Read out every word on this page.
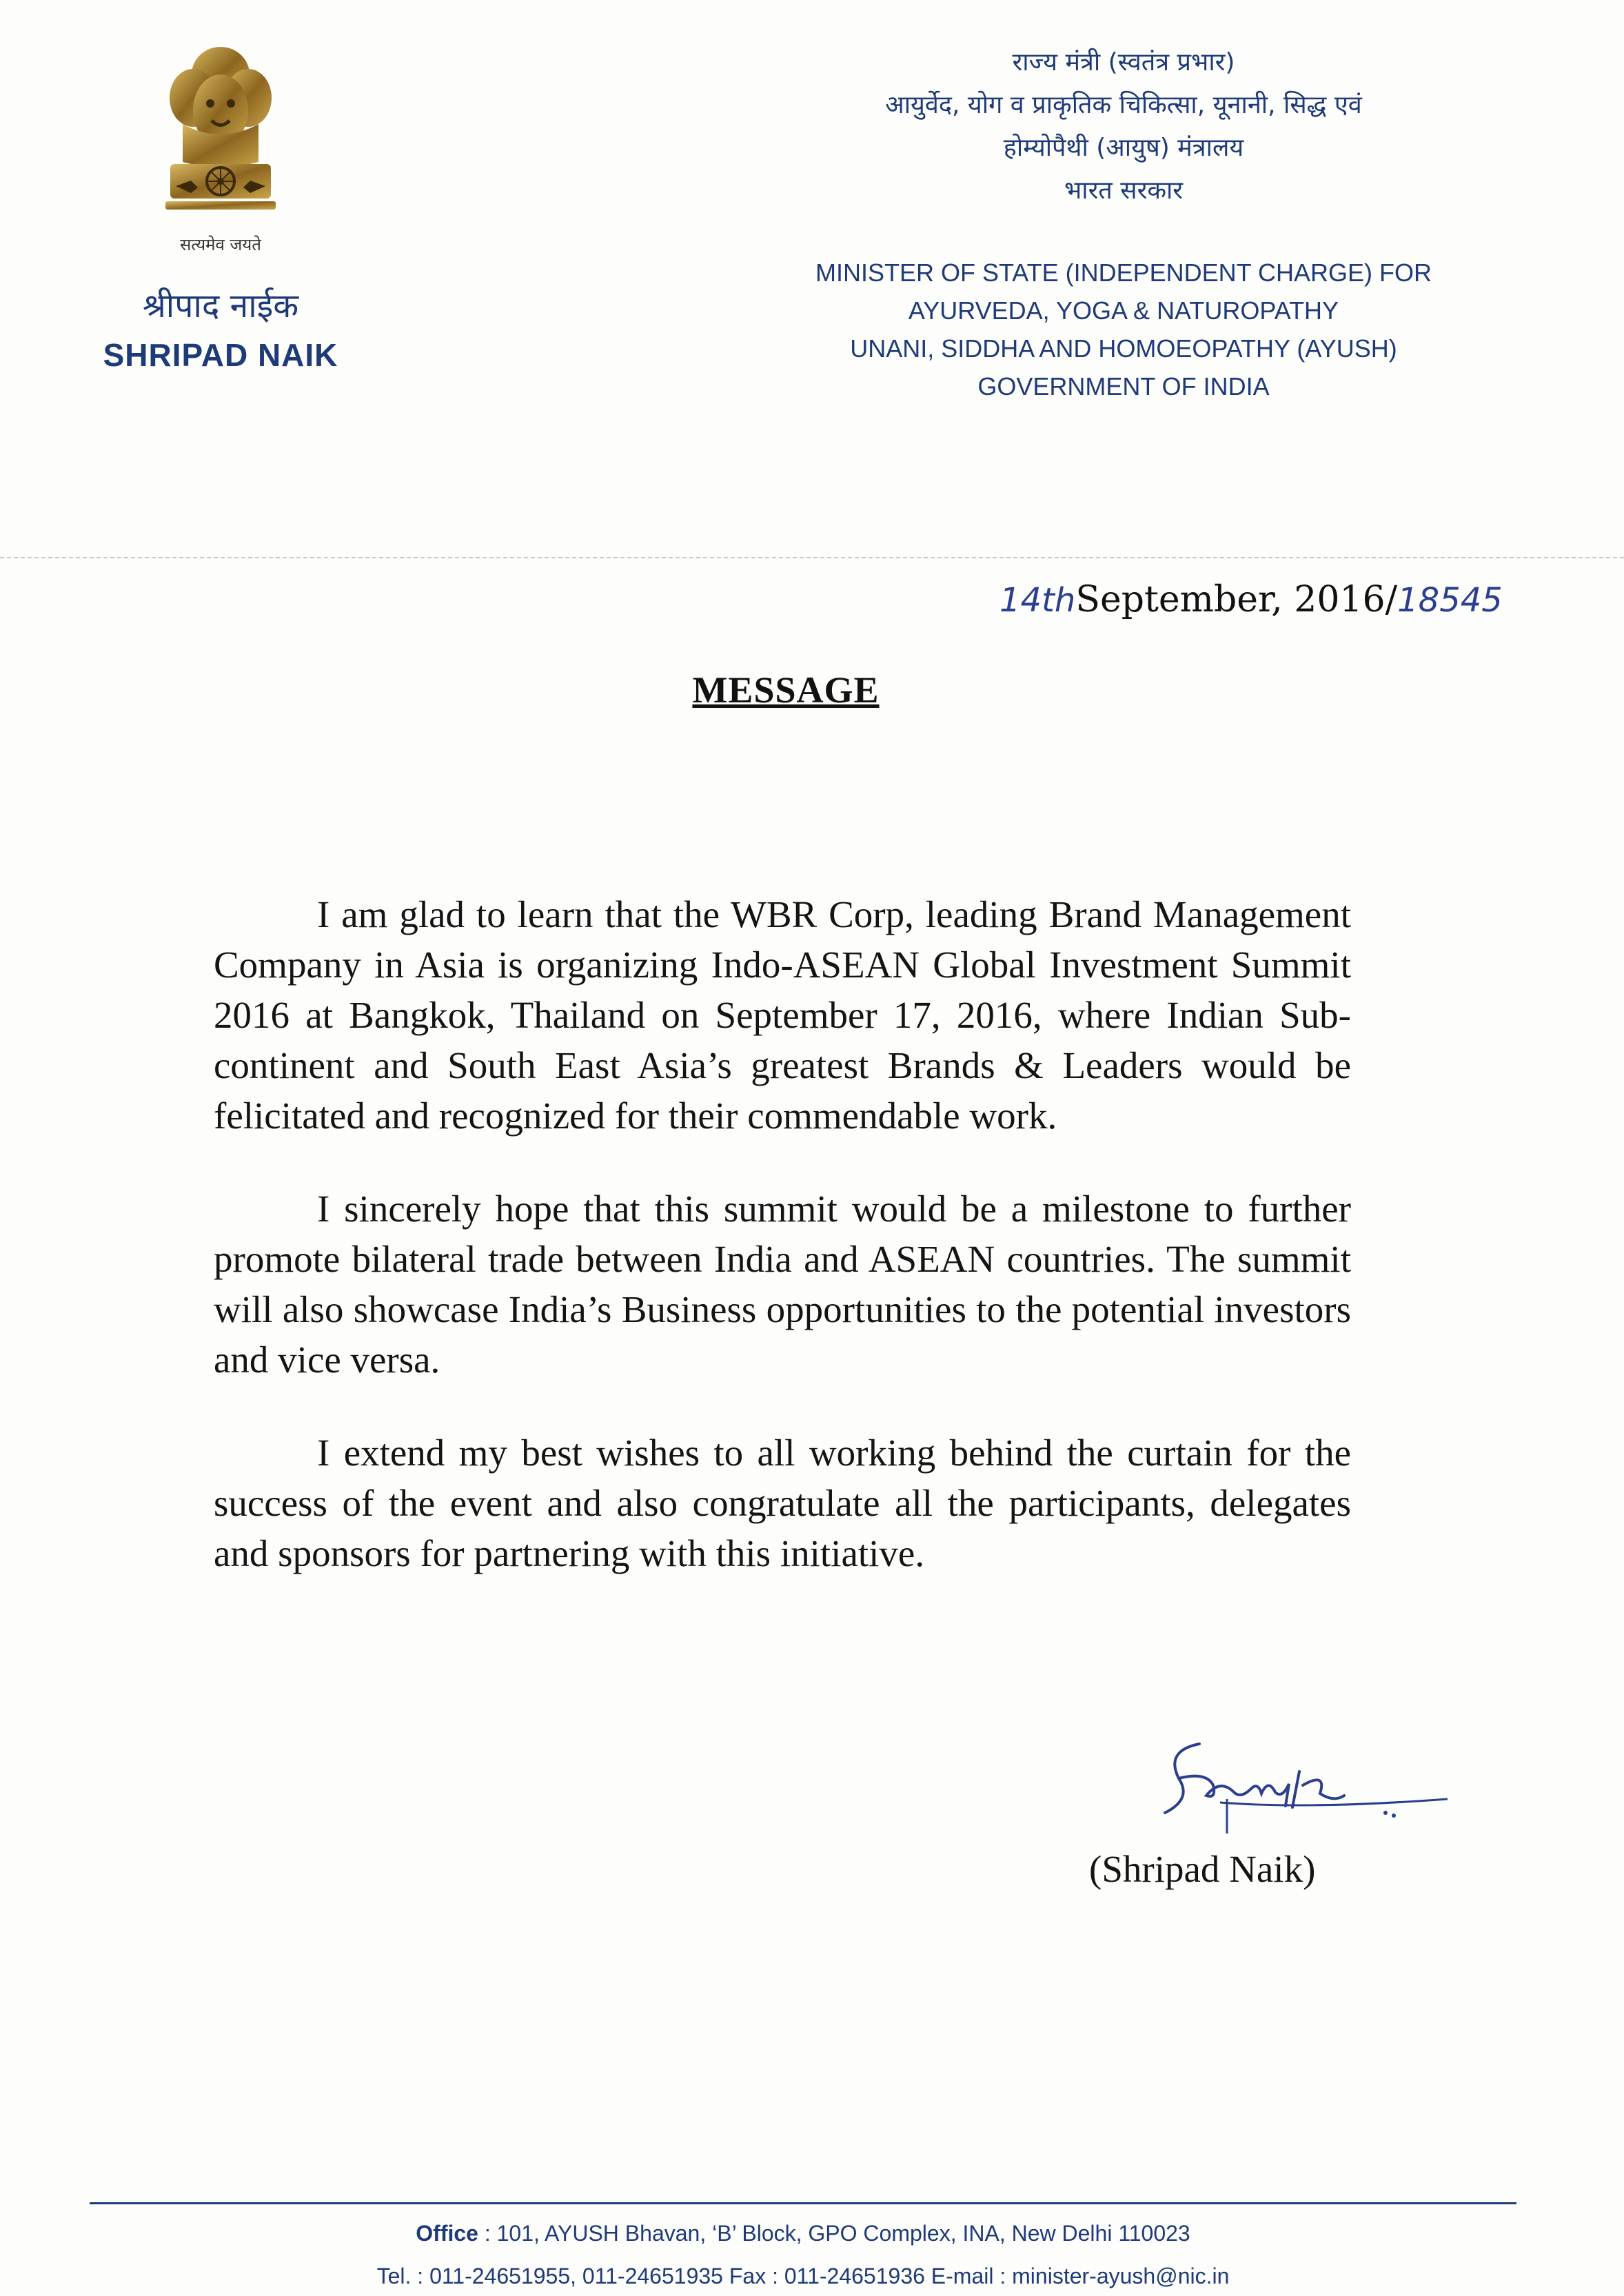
सत्यमेव जयते
श्रीपाद नाईक
SHRIPAD NAIK
राज्य मंत्री (स्वतंत्र प्रभार)
आयुर्वेद, योग व प्राकृतिक चिकित्सा, यूनानी, सिद्ध एवं
होम्योपैथी (आयुष) मंत्रालय
भारत सरकार
MINISTER OF STATE (INDEPENDENT CHARGE) FOR
AYURVEDA, YOGA & NATUROPATHY
UNANI, SIDDHA AND HOMOEOPATHY (AYUSH)
GOVERNMENT OF INDIA
14thSeptember, 2016/18545
MESSAGE

I am glad to learn that the WBR Corp, leading Brand Management Company in Asia is organizing Indo-ASEAN Global Investment Summit 2016 at Bangkok, Thailand on September 17, 2016, where Indian Sub-continent and South East Asia’s greatest Brands & Leaders would be felicitated and recognized for their commendable work.

I sincerely hope that this summit would be a milestone to further promote bilateral trade between India and ASEAN countries. The summit will also showcase India’s Business opportunities to the potential investors and vice versa.

I extend my best wishes to all working behind the curtain for the success of the event and also congratulate all the participants, delegates and sponsors for partnering with this initiative.

(Shripad Naik)
Office : 101, AYUSH Bhavan, ‘B’ Block, GPO Complex, INA, New Delhi 110023
Tel. : 011-24651955, 011-24651935 Fax : 011-24651936 E-mail : minister-ayush@nic.in
